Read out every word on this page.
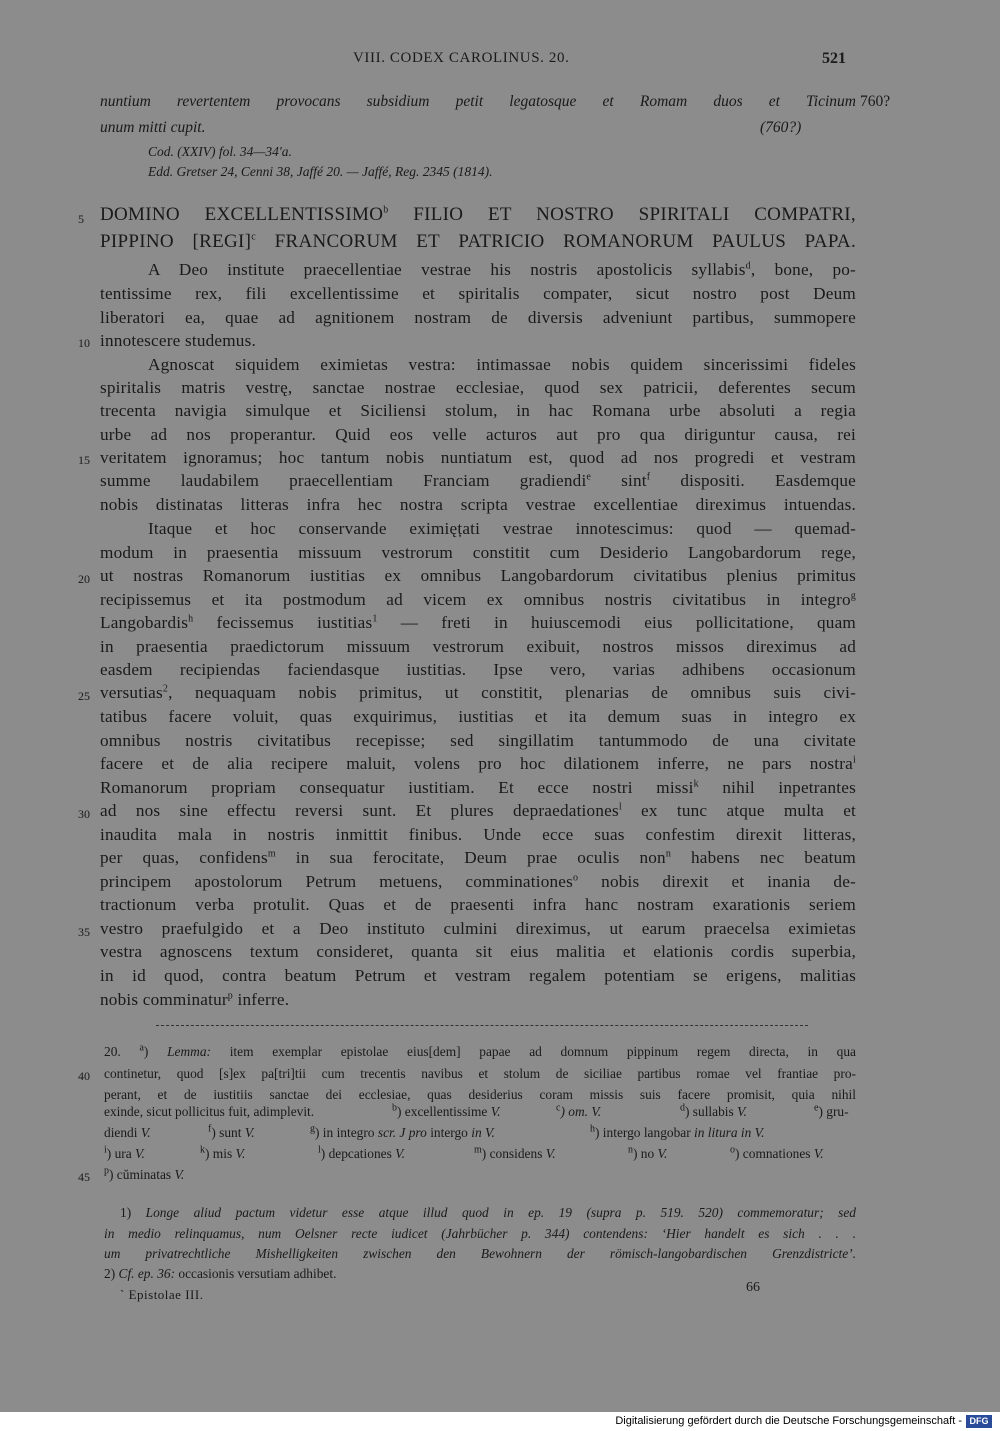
VIII. CODEX CAROLINUS. 20.	521
nuntium revertentem provocans subsidium petit legatosque et Romam duos et Ticinum 760?
unum mitti cupit.	(760?)
Cod. (XXIV) fol. 34—34'a.
Edd. Gretser 24, Cenni 38, Jaffé 20. — Jaffé, Reg. 2345 (1814).
5 DOMINO EXCELLENTISSIMO$^b$ FILIO ET NOSTRO SPIRITALI COMPATRI,
PIPPINO [REGI]$^c$ FRANCORUM ET PATRICIO ROMANORUM PAULUS PAPA.
A Deo institute praecellentiae vestrae his nostris apostolicis syllabis$^d$, bone, po-
tentissime rex, fili excellentissime et spiritalis compater, sicut nostro post Deum
liberatori ea, quae ad agnitionem nostram de diversis adveniunt partibus, summopere
10 innotescere studemus.
Agnoscat siquidem eximietas vestra: intimassae nobis quidem sincerissimi fideles
spiritalis matris vestrę, sanctae nostrae ecclesiae, quod sex patricii, deferentes secum
trecenta navigia simulque et Siciliensi stolum, in hac Romana urbe absoluti a regia
urbe ad nos properantur. Quid eos velle acturos aut pro qua diriguntur causa, rei
15 veritatem ignoramus; hoc tantum nobis nuntiatum est, quod ad nos progredi et vestram
summe laudabilem praecellentiam Franciam gradiendi$^e$ sint$^f$ dispositi. Easdemque
nobis distinatas litteras infra hec nostra scripta vestrae excellentiae direximus intuendas.
Itaque et hoc conservande eximięțati vestrae innotescimus: quod — quemad-
modum in praesentia missuum vestrorum constitit cum Desiderio Langobardorum rege,
20 ut nostras Romanorum iustitias ex omnibus Langobardorum civitatibus plenius primitus
recipissemus et ita postmodum ad vicem ex omnibus nostris civitatibus in integro$^g$
Langobardis$^h$ fecissemus iustitias$^1$ — freti in huiuscemodi eius pollicitatione, quam
in praesentia praedictorum missuum vestrorum exibuit, nostros missos direximus ad
easdem recipiendas faciendasque iustitias. Ipse vero, varias adhibens occasionum
25 versutias$^2$, nequaquam nobis primitus, ut constitit, plenarias de omnibus suis civi-
tatibus facere voluit, quas exquirimus, iustitias et ita demum suas in integro ex
omnibus nostris civitatibus recepisse; sed singillatim tantummodo de una civitate
facere et de alia recipere maluit, volens pro hoc dilationem inferre, ne pars nostra$^i$
Romanorum propriam consequatur iustitiam. Et ecce nostri missi$^k$ nihil inpetrantes
30 ad nos sine effectu reversi sunt. Et plures depraedationes$^l$ ex tunc atque multa et
inaudita mala in nostris inmittit finibus. Unde ecce suas confestim direxit litteras,
per quas, confidens$^m$ in sua ferocitate, Deum prae oculis non$^n$ habens nec beatum
principem apostolorum Petrum metuens, comminationes$^o$ nobis direxit et inania de-
tractionum verba protulit. Quas et de praesenti infra hanc nostram exarationis seriem
35 vestro praefulgido et a Deo instituto culmini direximus, ut earum praecelsa eximietas
vestra agnoscens textum consideret, quanta sit eius malitia et elationis cordis superbia,
in id quod, contra beatum Petrum et vestram regalem potentiam se erigens, malitias
nobis comminatur$^p$ inferre.
20. $^a$) Lemma: item exemplar epistolae eius[dem] papae ad domnum pippinum regem directa, in qua
40 continetur, quod [s]ex pa[tri]tii cum trecentis navibus et stolum de siciliae partibus romae vel frantiae pro-
perant, et de iustitiis sanctae dei ecclesiae, quas desiderius coram missis suis facere promisit, quia nihil
exinde, sicut pollicitus fuit, adimplevit.	$^b$) excellentissime V.	$^c$) om. V.	$^d$) sullabis V.	$^e$) gru-
diendi V.	$^f$) sunt V.	$^g$) in integro scr. J pro intergo in V.	$^h$) intergo langobar in litura in V.
$^i$) ura V.	$^k$) mis V.	$^l$) depcationes V.	$^m$) considens V.	$^n$) no V.	$^o$) comnationes V.
45 $^p$) cŭminatas V.
1) Longe aliud pactum videtur esse atque illud quod in ep. 19 (supra p. 519. 520) commemoratur; sed
in medio relinquamus, num Oelsner recte iudicet (Jahrbücher p. 344) contendens: ‘Hier handelt es sich . . .
um privatrechtliche Mishelligkeiten zwischen den Bewohnern der römisch-langobardischen Grenzdistricte’.
2) Cf. ep. 36: occasionis versutiam adhibet.
` Epistolae III.	66
Digitalisierung gefördert durch die Deutsche Forschungsgemeinschaft - DFG
